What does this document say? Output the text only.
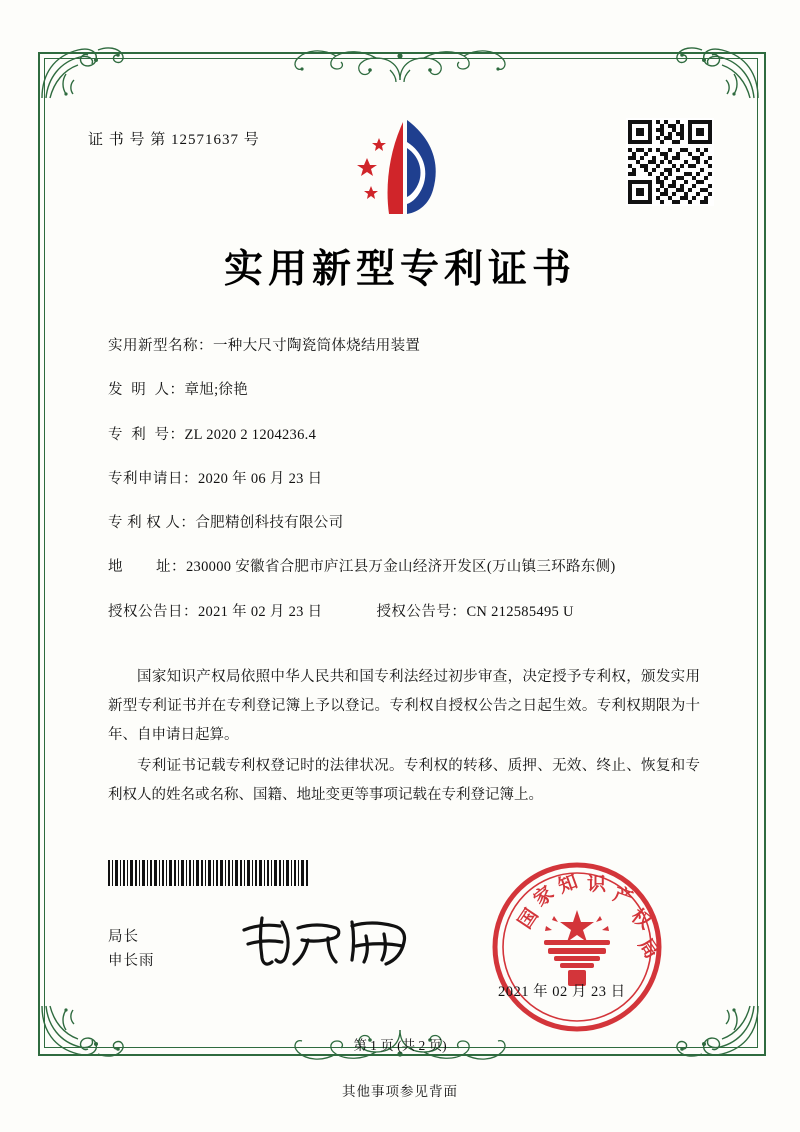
证 书 号 第 12571637 号
实用新型专利证书
实用新型名称： 一种大尺寸陶瓷筒体烧结用装置
发  明  人： 章旭;徐艳
专  利  号： ZL 2020 2 1204236.4
专利申请日： 2020 年 06 月 23 日
专 利 权 人： 合肥精创科技有限公司
地        址： 230000 安徽省合肥市庐江县万金山经济开发区(万山镇三环路东侧)
授权公告日： 2021 年 02 月 23 日	授权公告号： CN 212585495 U

国家知识产权局依照中华人民共和国专利法经过初步审查，决定授予专利权，颁发实用新型专利证书并在专利登记簿上予以登记。专利权自授权公告之日起生效。专利权期限为十年、自申请日起算。

专利证书记载专利权登记时的法律状况。专利权的转移、质押、无效、终止、恢复和专利权人的姓名或名称、国籍、地址变更等事项记载在专利登记簿上。

局长
申长雨
国
家
知 识 产
权
局
2021 年 02 月 23 日
第 1 页 (共 2 页)
其他事项参见背面
